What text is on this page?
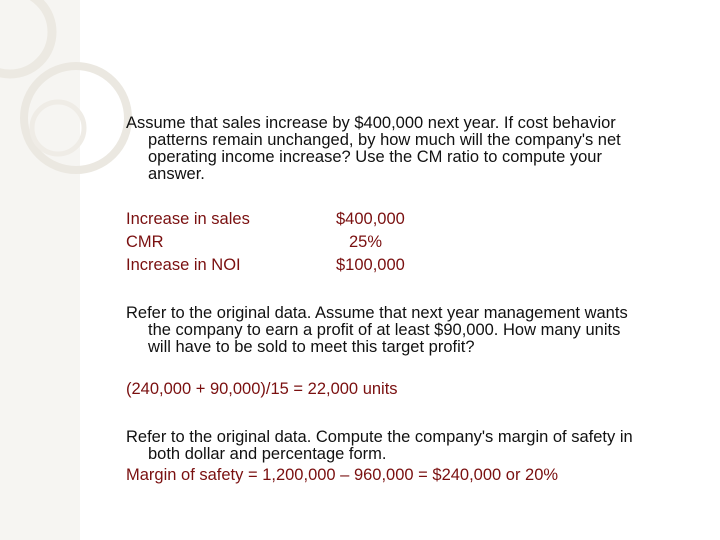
Assume that sales increase by $400,000 next year. If cost behavior

patterns remain unchanged, by how much will the company's net

operating income increase? Use the CM ratio to compute your

answer.

Increase in sales	$400,000

CMR	25%

Increase in NOI	$100,000

Refer to the original data. Assume that next year management wants

the company to earn a profit of at least $90,000. How many units

will have to be sold to meet this target profit?

(240,000 + 90,000)/15 = 22,000 units

Refer to the original data. Compute the company's margin of safety in

both dollar and percentage form.

Margin of safety = 1,200,000 – 960,000 = $240,000 or 20%
